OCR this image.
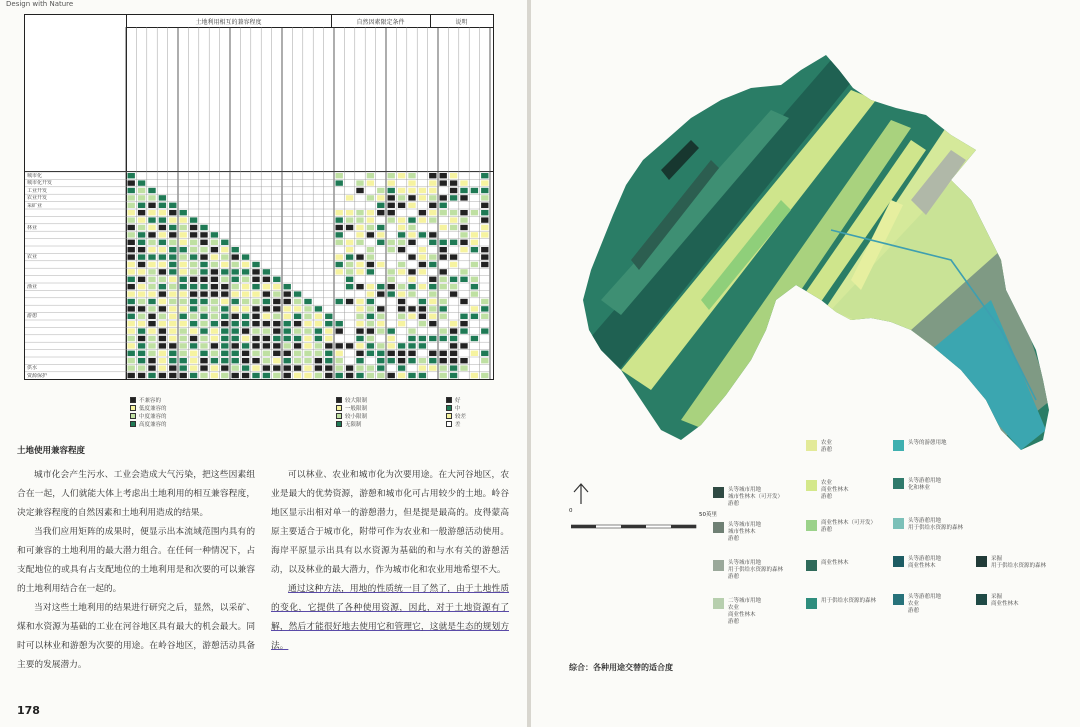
Design with Nature
土地利用相互的兼容程度	自然因素限定条件	说明
城市化
城市化开发
工业开发
农业开发
采矿业
林业
农业
渔业
游憩
供水
资源保护
不兼容的
低度兼容的
中度兼容的
高度兼容的
较大限制
一般限制
较小限制
无限制
好
中
较差
差
土地使用兼容程度

城市化会产生污水、工业会造成大气污染，把这些因素组合在一起，人们就能大体上考虑出土地利用的相互兼容程度，决定兼容程度的自然因素和土地利用造成的结果。

当我们应用矩阵的成果时，便显示出本流域范围内具有的和可兼容的土地利用的最大潜力组合。在任何一种情况下，占支配地位的或具有占支配地位的土地利用是和次要的可以兼容的土地利用结合在一起的。

当对这些土地利用的结果进行研究之后，显然，以采矿、煤和水资源为基础的工业在河谷地区具有最大的机会最大。同时可以林业和游憩为次要的用途。在岭谷地区，游憩活动具备主要的发展潜力。

可以林业、农业和城市化为次要用途。在大河谷地区，农业是最大的优势资源，游憩和城市化可占用较少的土地。岭谷地区显示出相对单一的游憩潜力，但是提是最高的。皮得蒙高原主要适合于城市化，附带可作为农业和一般游憩活动使用。海岸平原显示出具有以水资源为基础的和与水有关的游憩活动，以及林业的最大潜力，作为城市化和农业用地希望不大。

通过这种方法，用地的性质统一目了然了，由于土地性质的变化，它提供了各种使用资源，因此，对于土地资源有了解，然后才能很好地去使用它和管理它，这就是生态的规划方法。

178
0
50英里
农业
游憩
头等的游憩用地
头等城市用地
城市性林木（可开发）
游憩
农业
商业性林木
游憩
头等游憩用地
化和林业
头等城市用地
城市性林木
游憩
商业性林木（可开发）
游憩
头等游憩用地
用于供给水资源的森林
头等城市用地
用于供给水资源的森林
游憩
商业性林木
头等游憩用地
商业性林木
采掘
用于供给水资源的森林
二等城市用地
农业
商业性林木
游憩
用于供给水资源的森林
头等游憩用地
农业
游憩
采掘
商业性林木
综合：各种用途交替的适合度
